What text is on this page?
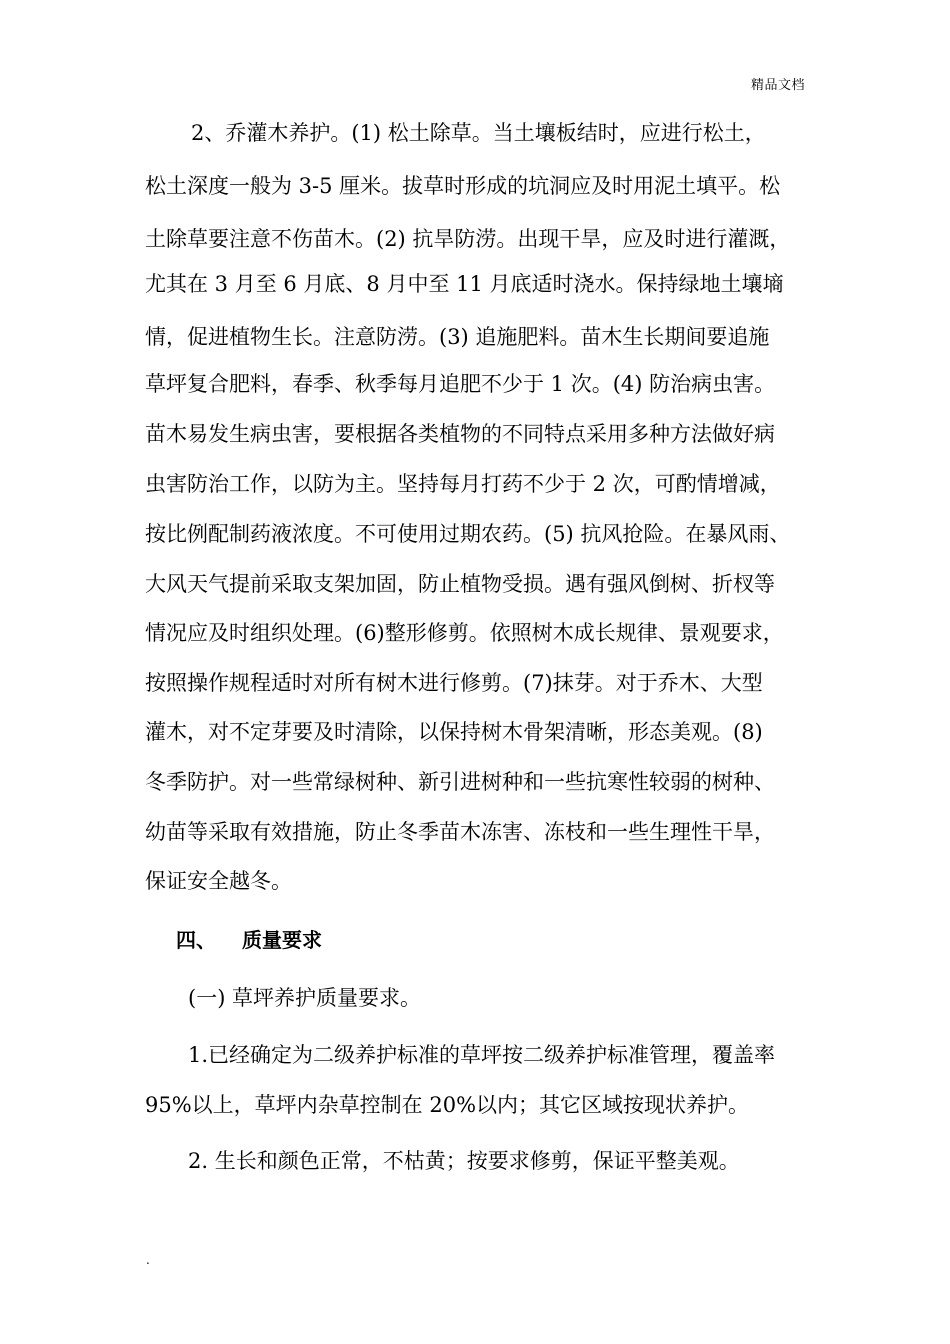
精品文档
2、乔灌木养护。(1) 松土除草。当土壤板结时，应进行松土，
松土深度一般为 3-5 厘米。拔草时形成的坑洞应及时用泥土填平。松
土除草要注意不伤苗木。(2) 抗旱防涝。出现干旱，应及时进行灌溉，
尤其在 3 月至 6 月底、8 月中至 11 月底适时浇水。保持绿地土壤墒
情，促进植物生长。注意防涝。(3) 追施肥料。苗木生长期间要追施
草坪复合肥料，春季、秋季每月追肥不少于 1 次。(4) 防治病虫害。
苗木易发生病虫害，要根据各类植物的不同特点采用多种方法做好病
虫害防治工作，以防为主。坚持每月打药不少于 2 次，可酌情增减，
按比例配制药液浓度。不可使用过期农药。(5) 抗风抢险。在暴风雨、
大风天气提前采取支架加固，防止植物受损。遇有强风倒树、折杈等
情况应及时组织处理。(6)整形修剪。依照树木成长规律、景观要求，
按照操作规程适时对所有树木进行修剪。(7)抹芽。对于乔木、大型
灌木，对不定芽要及时清除，以保持树木骨架清晰，形态美观。(8)
冬季防护。对一些常绿树种、新引进树种和一些抗寒性较弱的树种、
幼苗等采取有效措施，防止冬季苗木冻害、冻枝和一些生理性干旱，
保证安全越冬。
四、 质量要求
(一) 草坪养护质量要求。
1.已经确定为二级养护标准的草坪按二级养护标准管理，覆盖率
95%以上，草坪内杂草控制在 20%以内；其它区域按现状养护。
2. 生长和颜色正常，不枯黄；按要求修剪，保证平整美观。
.
